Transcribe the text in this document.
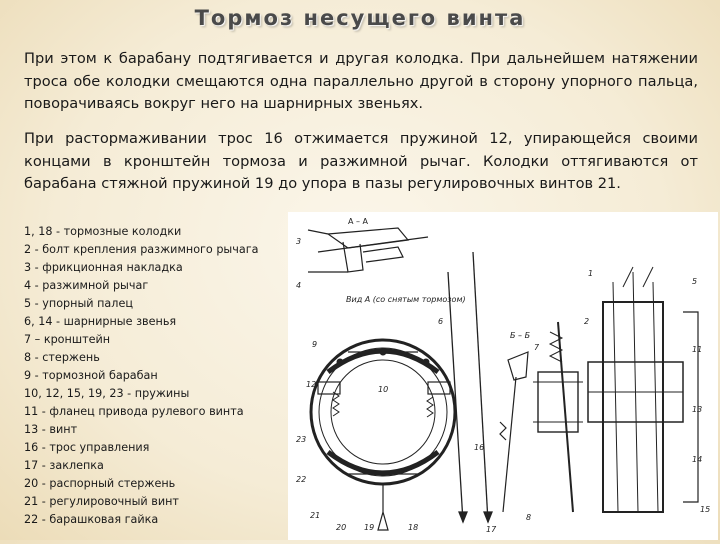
Тормоз несущего винта

При этом к барабану подтягивается и другая колодка. При дальнейшем натяжении троса обе колодки смещаются одна параллельно другой в сторону упорного пальца, поворачиваясь вокруг него на шарнирных звеньях.

При растормаживании трос 16 отжимается пружиной 12, упирающейся своими концами в кронштейн тормоза и разжимной рычаг. Колодки оттягиваются от барабана стяжной пружиной 19 до упора в пазы регулировочных винтов 21.

1, 18 - тормозные колодки
2 - болт крепления разжимного рычага
3 - фрикционная накладка
4 - разжимной рычаг
5 - упорный палец
6, 14 - шарнирные звенья
7 – кронштейн
8 - стержень
9 - тормозной барабан
10, 12, 15, 19, 23 - пружины
11 - фланец привода рулевого винта
13 - винт
16 - трос управления
17 - заклепка
20 - распорный стержень
21 - регулировочный винт
22 - барашковая гайка
А – А
Вид А (со снятым тормозом)
Б – Б
3
4
6
9
12
10
7
1
2
5
11
13
14
15
16
17
18
19
20
21
22
23
8
